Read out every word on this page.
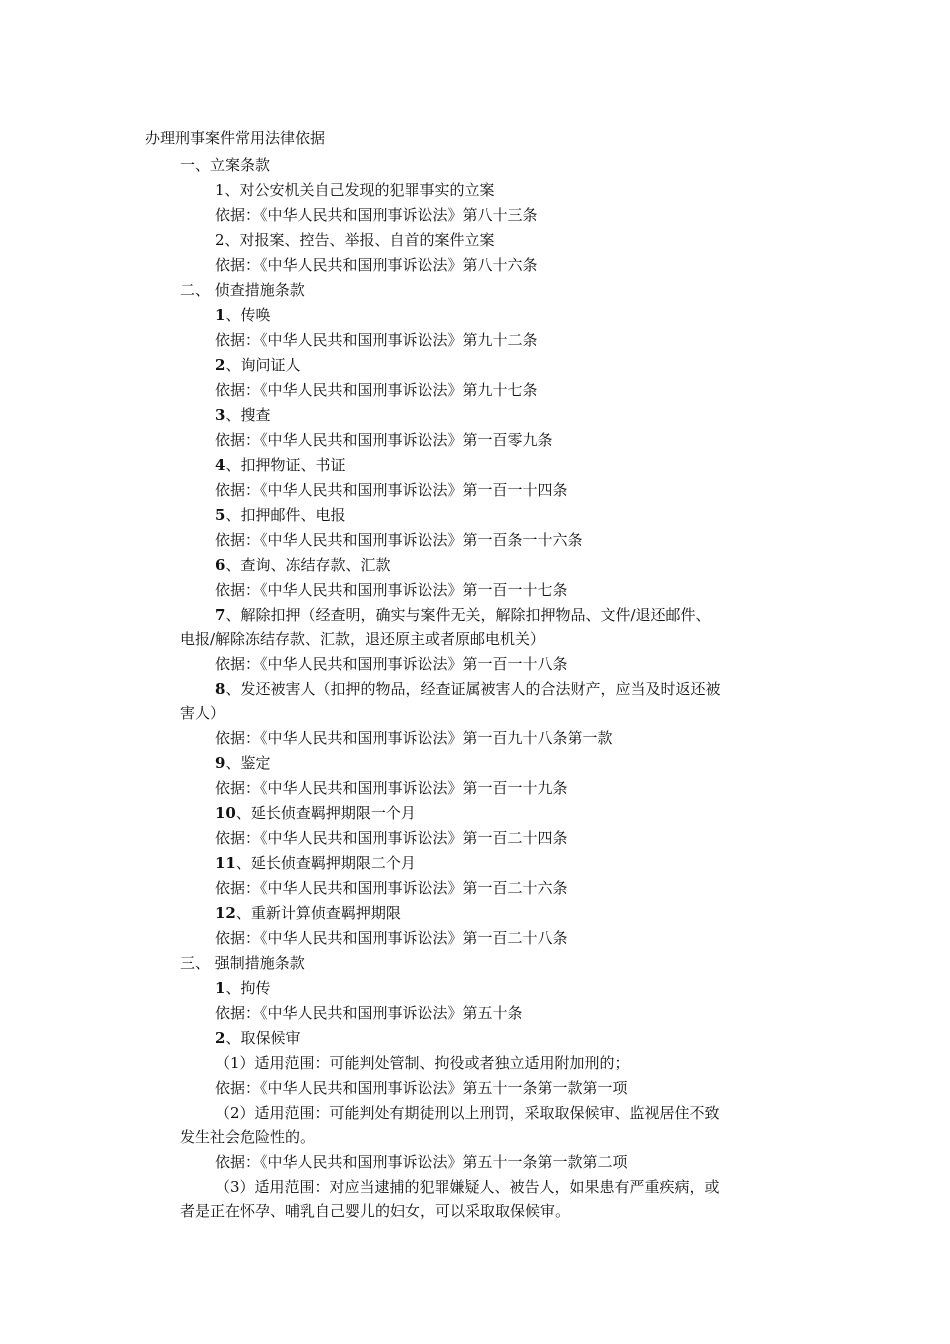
办理刑事案件常用法律依据
一、立案条款
1、对公安机关自己发现的犯罪事实的立案
依据：《中华人民共和国刑事诉讼法》第八十三条
2、对报案、控告、举报、自首的案件立案
依据：《中华人民共和国刑事诉讼法》第八十六条
二、 侦查措施条款
1、传唤
依据：《中华人民共和国刑事诉讼法》第九十二条
2、询问证人
依据：《中华人民共和国刑事诉讼法》第九十七条
3、搜查
依据：《中华人民共和国刑事诉讼法》第一百零九条
4、扣押物证、书证
依据：《中华人民共和国刑事诉讼法》第一百一十四条
5、扣押邮件、电报
依据：《中华人民共和国刑事诉讼法》第一百条一十六条
6、查询、冻结存款、汇款
依据：《中华人民共和国刑事诉讼法》第一百一十七条
7、解除扣押（经查明，确实与案件无关，解除扣押物品、文件/退还邮件、
电报/解除冻结存款、汇款，退还原主或者原邮电机关）
依据：《中华人民共和国刑事诉讼法》第一百一十八条
8、发还被害人（扣押的物品，经查证属被害人的合法财产，应当及时返还被
害人）
依据：《中华人民共和国刑事诉讼法》第一百九十八条第一款
9、鉴定
依据：《中华人民共和国刑事诉讼法》第一百一十九条
10、延长侦查羁押期限一个月
依据：《中华人民共和国刑事诉讼法》第一百二十四条
11、延长侦查羁押期限二个月
依据：《中华人民共和国刑事诉讼法》第一百二十六条
12、重新计算侦查羁押期限
依据：《中华人民共和国刑事诉讼法》第一百二十八条
三、 强制措施条款
1、拘传
依据：《中华人民共和国刑事诉讼法》第五十条
2、取保候审
（1）适用范围：可能判处管制、拘役或者独立适用附加刑的；
依据：《中华人民共和国刑事诉讼法》第五十一条第一款第一项
（2）适用范围：可能判处有期徒刑以上刑罚，采取取保候审、监视居住不致
发生社会危险性的。
依据：《中华人民共和国刑事诉讼法》第五十一条第一款第二项
（3）适用范围：对应当逮捕的犯罪嫌疑人、被告人，如果患有严重疾病，或
者是正在怀孕、哺乳自己婴儿的妇女，可以采取取保候审。
